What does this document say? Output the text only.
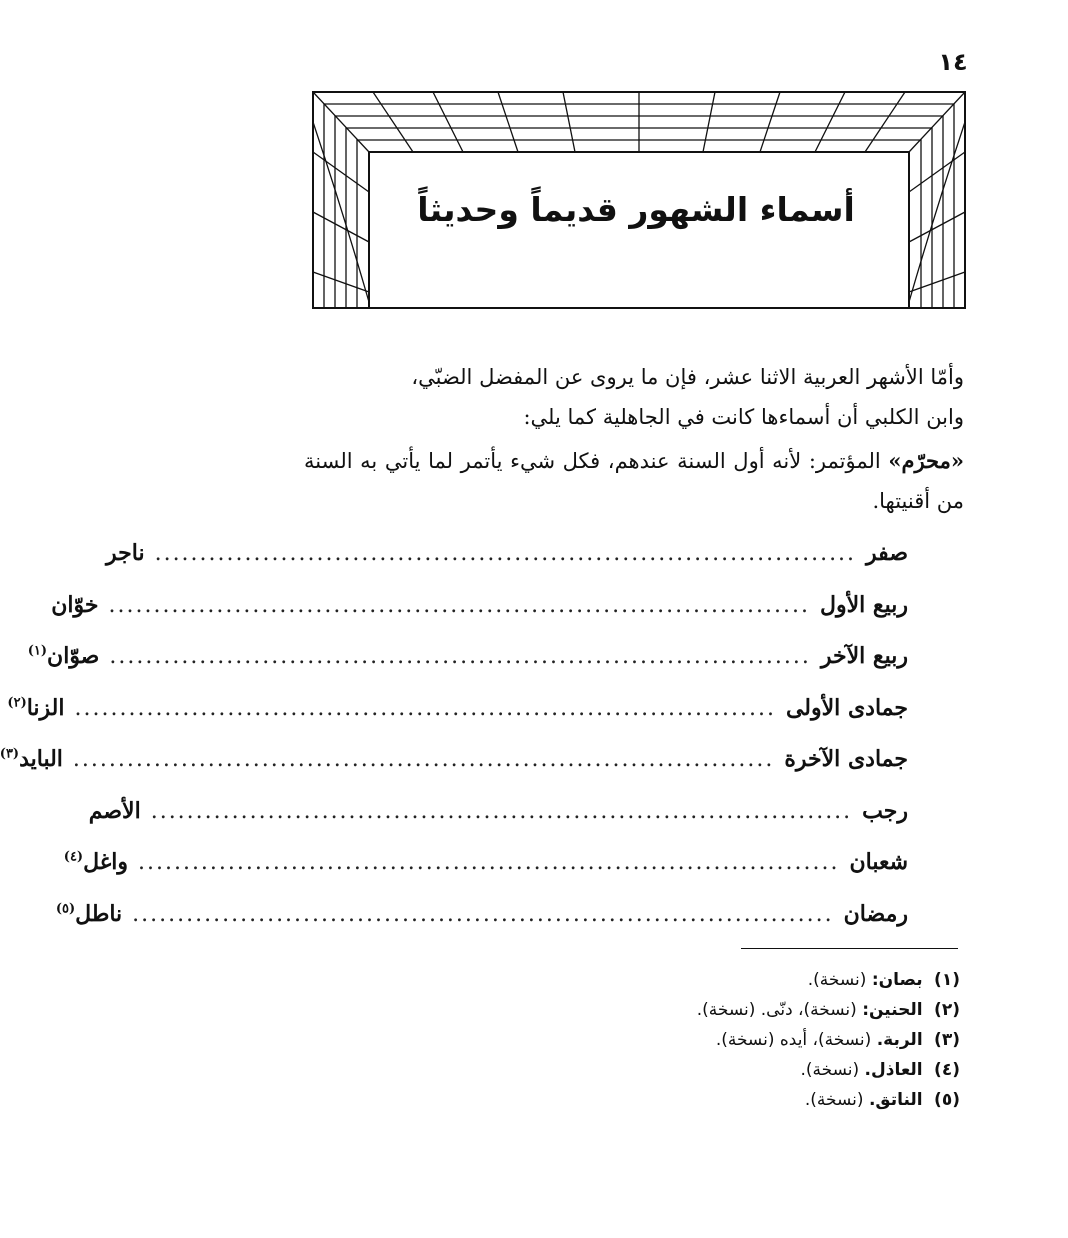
١٤
أسماء الشهور قديماً وحديثاً

وأمّا الأشهر العربية الاثنا عشر، فإن ما يروى عن المفضل الضبّي،

وابن الكلبي أن أسماءها كانت في الجاهلية كما يلي:

«محرّم» المؤتمر: لأنه أول السنة عندهم، فكل شيء يأتمر لما يأتي به السنة من أقنيتها.

صفر
..............................................................................
ناجر
ربيع الأول
..............................................................................
خوّان
ربيع الآخر
..............................................................................
صوّان$^{(١)}$
جمادى الأولى
..............................................................................
الزنا$^{(٢)}$
جمادى الآخرة
..............................................................................
البايد$^{(٣)}$
رجب
..............................................................................
الأصم
شعبان
..............................................................................
واغل$^{(٤)}$
رمضان
..............................................................................
ناطل$^{(٥)}$
(١) بصان: (نسخة).
(٢) الحنين: (نسخة)، دنّى. (نسخة).
(٣) الربة. (نسخة)، أيده (نسخة).
(٤) العاذل. (نسخة).
(٥) الناتق. (نسخة).
